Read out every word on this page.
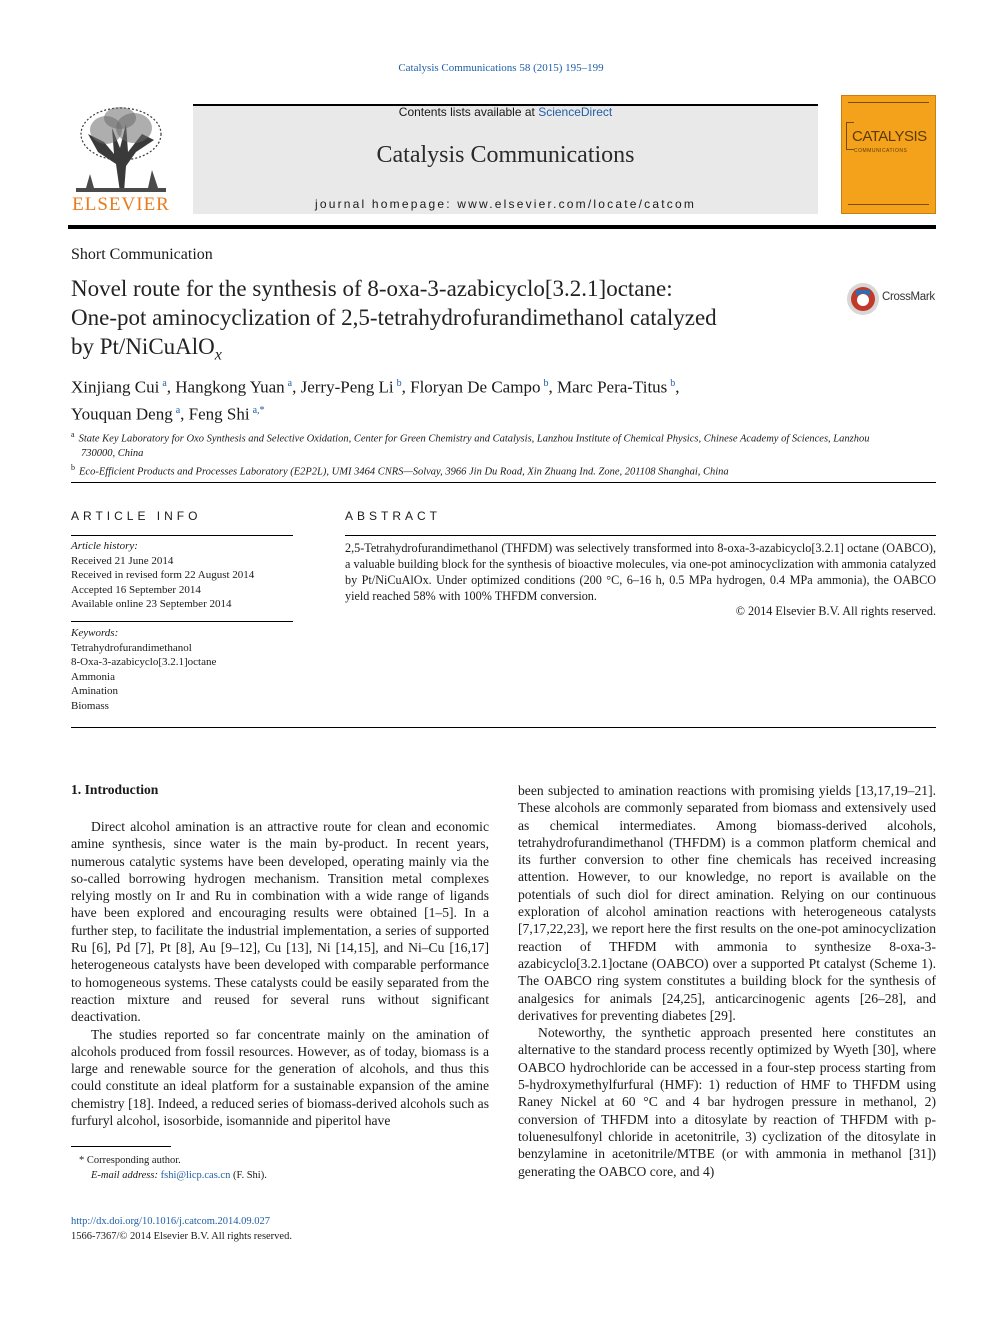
Catalysis Communications 58 (2015) 195–199
ELSEVIER
Contents lists available at ScienceDirect
Catalysis Communications
journal homepage: www.elsevier.com/locate/catcom
CATALYSIS
COMMUNICATIONS
Short Communication
Novel route for the synthesis of 8-oxa-3-azabicyclo[3.2.1]octane:
One-pot aminocyclization of 2,5-tetrahydrofurandimethanol catalyzed
by Pt/NiCuAlO$_x$
CrossMark
Xinjiang Cui $^a$, Hangkong Yuan $^a$, Jerry-Peng Li $^b$, Floryan De Campo $^b$, Marc Pera-Titus $^b$,
Youquan Deng $^a$, Feng Shi $^{a,*}$
$^a$ State Key Laboratory for Oxo Synthesis and Selective Oxidation, Center for Green Chemistry and Catalysis, Lanzhou Institute of Chemical Physics, Chinese Academy of Sciences, Lanzhou 730000, China
$^b$ Eco-Efficient Products and Processes Laboratory (E2P2L), UMI 3464 CNRS—Solvay, 3966 Jin Du Road, Xin Zhuang Ind. Zone, 201108 Shanghai, China
ARTICLE INFO
Article history:
Received 21 June 2014
Received in revised form 22 August 2014
Accepted 16 September 2014
Available online 23 September 2014
Keywords:
Tetrahydrofurandimethanol
8-Oxa-3-azabicyclo[3.2.1]octane
Ammonia
Amination
Biomass
ABSTRACT
2,5-Tetrahydrofurandimethanol (THFDM) was selectively transformed into 8-oxa-3-azabicyclo[3.2.1] octane (OABCO), a valuable building block for the synthesis of bioactive molecules, via one-pot aminocyclization with ammonia catalyzed by Pt/NiCuAlOx. Under optimized conditions (200 °C, 6–16 h, 0.5 MPa hydrogen, 0.4 MPa ammonia), the OABCO yield reached 58% with 100% THFDM conversion.
© 2014 Elsevier B.V. All rights reserved.
1. Introduction

Direct alcohol amination is an attractive route for clean and economic amine synthesis, since water is the main by-product. In recent years, numerous catalytic systems have been developed, operating mainly via the so-called borrowing hydrogen mechanism. Transition metal complexes relying mostly on Ir and Ru in combination with a wide range of ligands have been explored and encouraging results were obtained [1–5]. In a further step, to facilitate the industrial implementation, a series of supported Ru [6], Pd [7], Pt [8], Au [9–12], Cu [13], Ni [14,15], and Ni–Cu [16,17] heterogeneous catalysts have been developed with comparable performance to homogeneous systems. These catalysts could be easily separated from the reaction mixture and reused for several runs without significant deactivation.

The studies reported so far concentrate mainly on the amination of alcohols produced from fossil resources. However, as of today, biomass is a large and renewable source for the generation of alcohols, and thus this could constitute an ideal platform for a sustainable expansion of the amine chemistry [18]. Indeed, a reduced series of biomass-derived alcohols such as furfuryl alcohol, isosorbide, isomannide and piperitol have

been subjected to amination reactions with promising yields [13,17,19–21]. These alcohols are commonly separated from biomass and extensively used as chemical intermediates. Among biomass-derived alcohols, tetrahydrofurandimethanol (THFDM) is a common platform chemical and its further conversion to other fine chemicals has received increasing attention. However, to our knowledge, no report is available on the potentials of such diol for direct amination. Relying on our continuous exploration of alcohol amination reactions with heterogeneous catalysts [7,17,22,23], we report here the first results on the one-pot aminocyclization reaction of THFDM with ammonia to synthesize 8-oxa-3-azabicyclo[3.2.1]octane (OABCO) over a supported Pt catalyst (Scheme 1). The OABCO ring system constitutes a building block for the synthesis of analgesics for animals [24,25], anticarcinogenic agents [26–28], and derivatives for preventing diabetes [29].

Noteworthy, the synthetic approach presented here constitutes an alternative to the standard process recently optimized by Wyeth [30], where OABCO hydrochloride can be accessed in a four-step process starting from 5-hydroxymethylfurfural (HMF): 1) reduction of HMF to THFDM using Raney Nickel at 60 °C and 4 bar hydrogen pressure in methanol, 2) conversion of THFDM into a ditosylate by reaction of THFDM with p-toluenesulfonyl chloride in acetonitrile, 3) cyclization of the ditosylate in benzylamine in acetonitrile/MTBE (or with ammonia in methanol [31]) generating the OABCO core, and 4)

* Corresponding author.
E-mail address: fshi@licp.cas.cn (F. Shi).
http://dx.doi.org/10.1016/j.catcom.2014.09.027
1566-7367/© 2014 Elsevier B.V. All rights reserved.
